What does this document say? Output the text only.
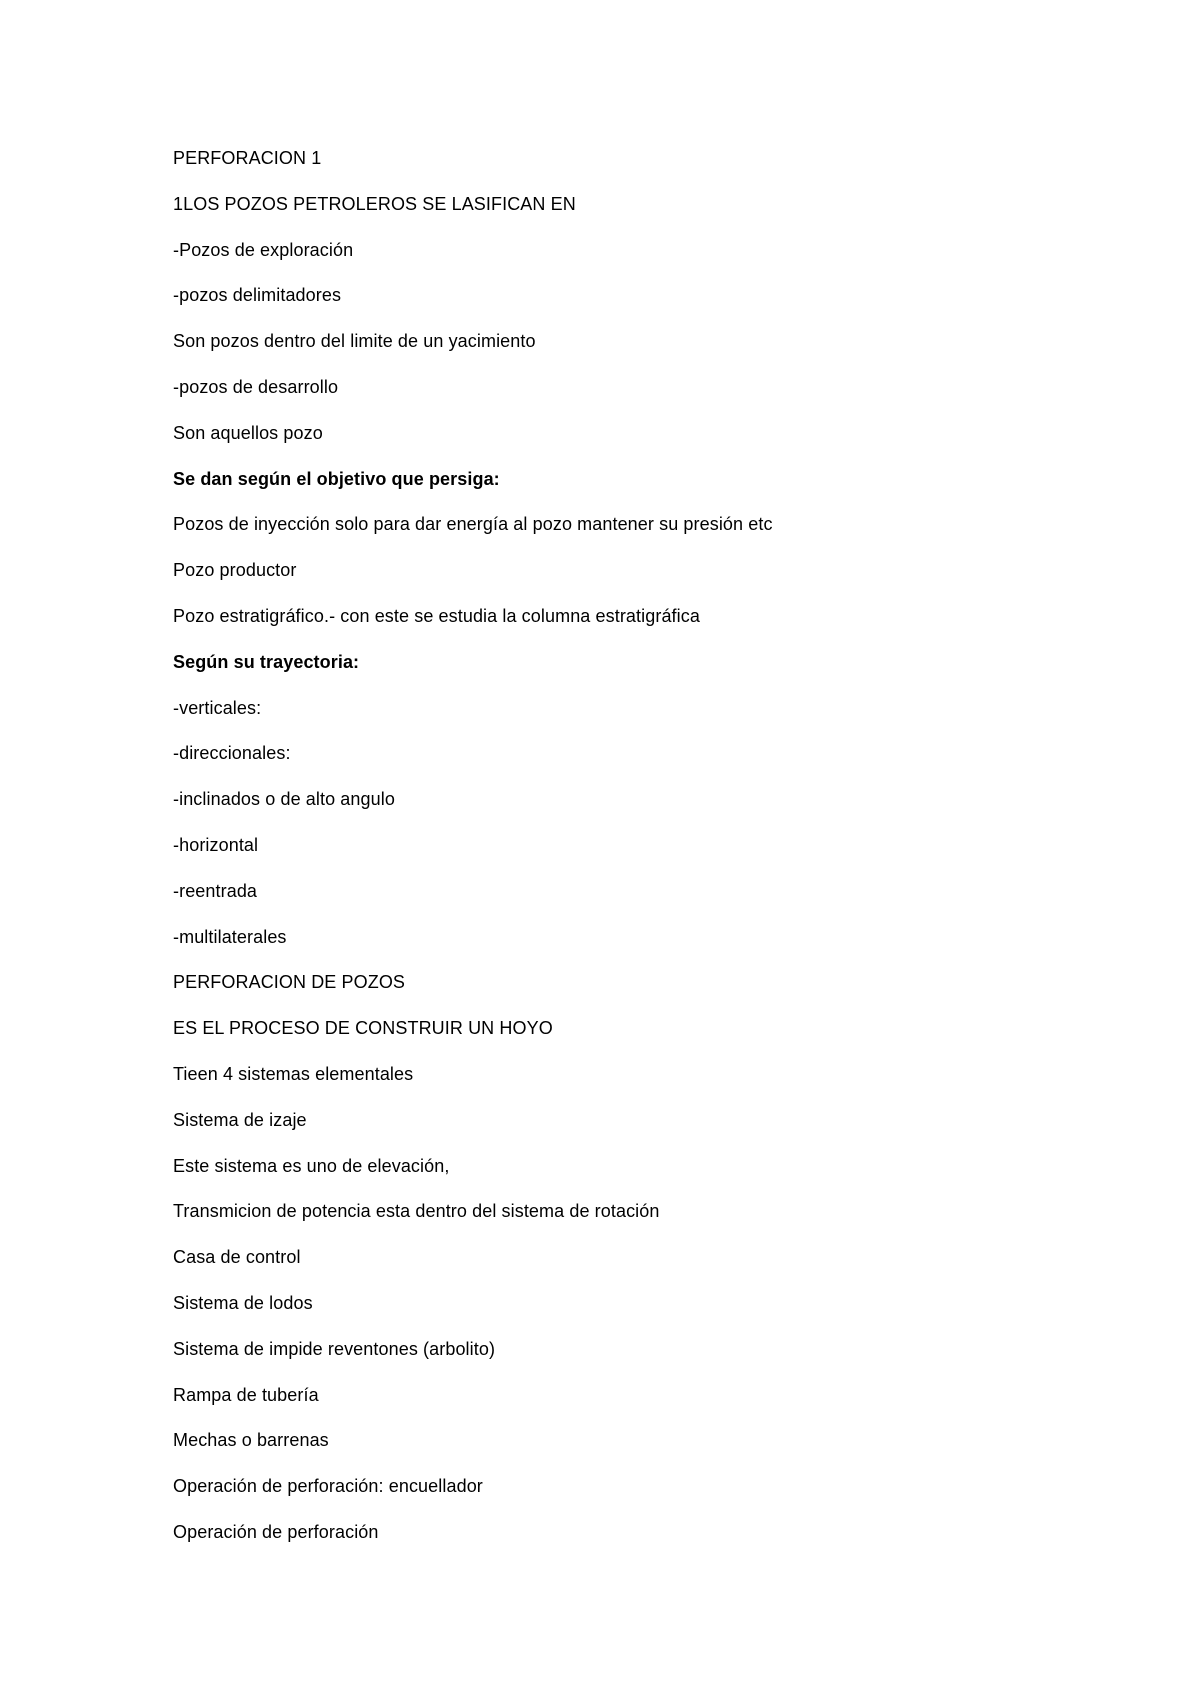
PERFORACION 1
1LOS POZOS PETROLEROS SE LASIFICAN EN
-Pozos de exploración
-pozos delimitadores
Son pozos dentro del limite de un yacimiento
-pozos de desarrollo
Son aquellos pozo
Se dan según el objetivo que persiga:
Pozos de inyección solo para dar energía al pozo mantener su presión etc
Pozo productor
Pozo estratigráfico.- con este se estudia la columna estratigráfica
Según su trayectoria:
-verticales:
-direccionales:
-inclinados o de alto angulo
-horizontal
-reentrada
-multilaterales
PERFORACION DE POZOS
ES EL PROCESO DE CONSTRUIR UN HOYO
Tieen 4 sistemas elementales
Sistema de izaje
Este sistema es uno de elevación,
Transmicion de potencia esta dentro del sistema de rotación
Casa de control
Sistema de lodos
Sistema de impide reventones (arbolito)
Rampa de tubería
Mechas o barrenas
Operación de perforación: encuellador
Operación de perforación
